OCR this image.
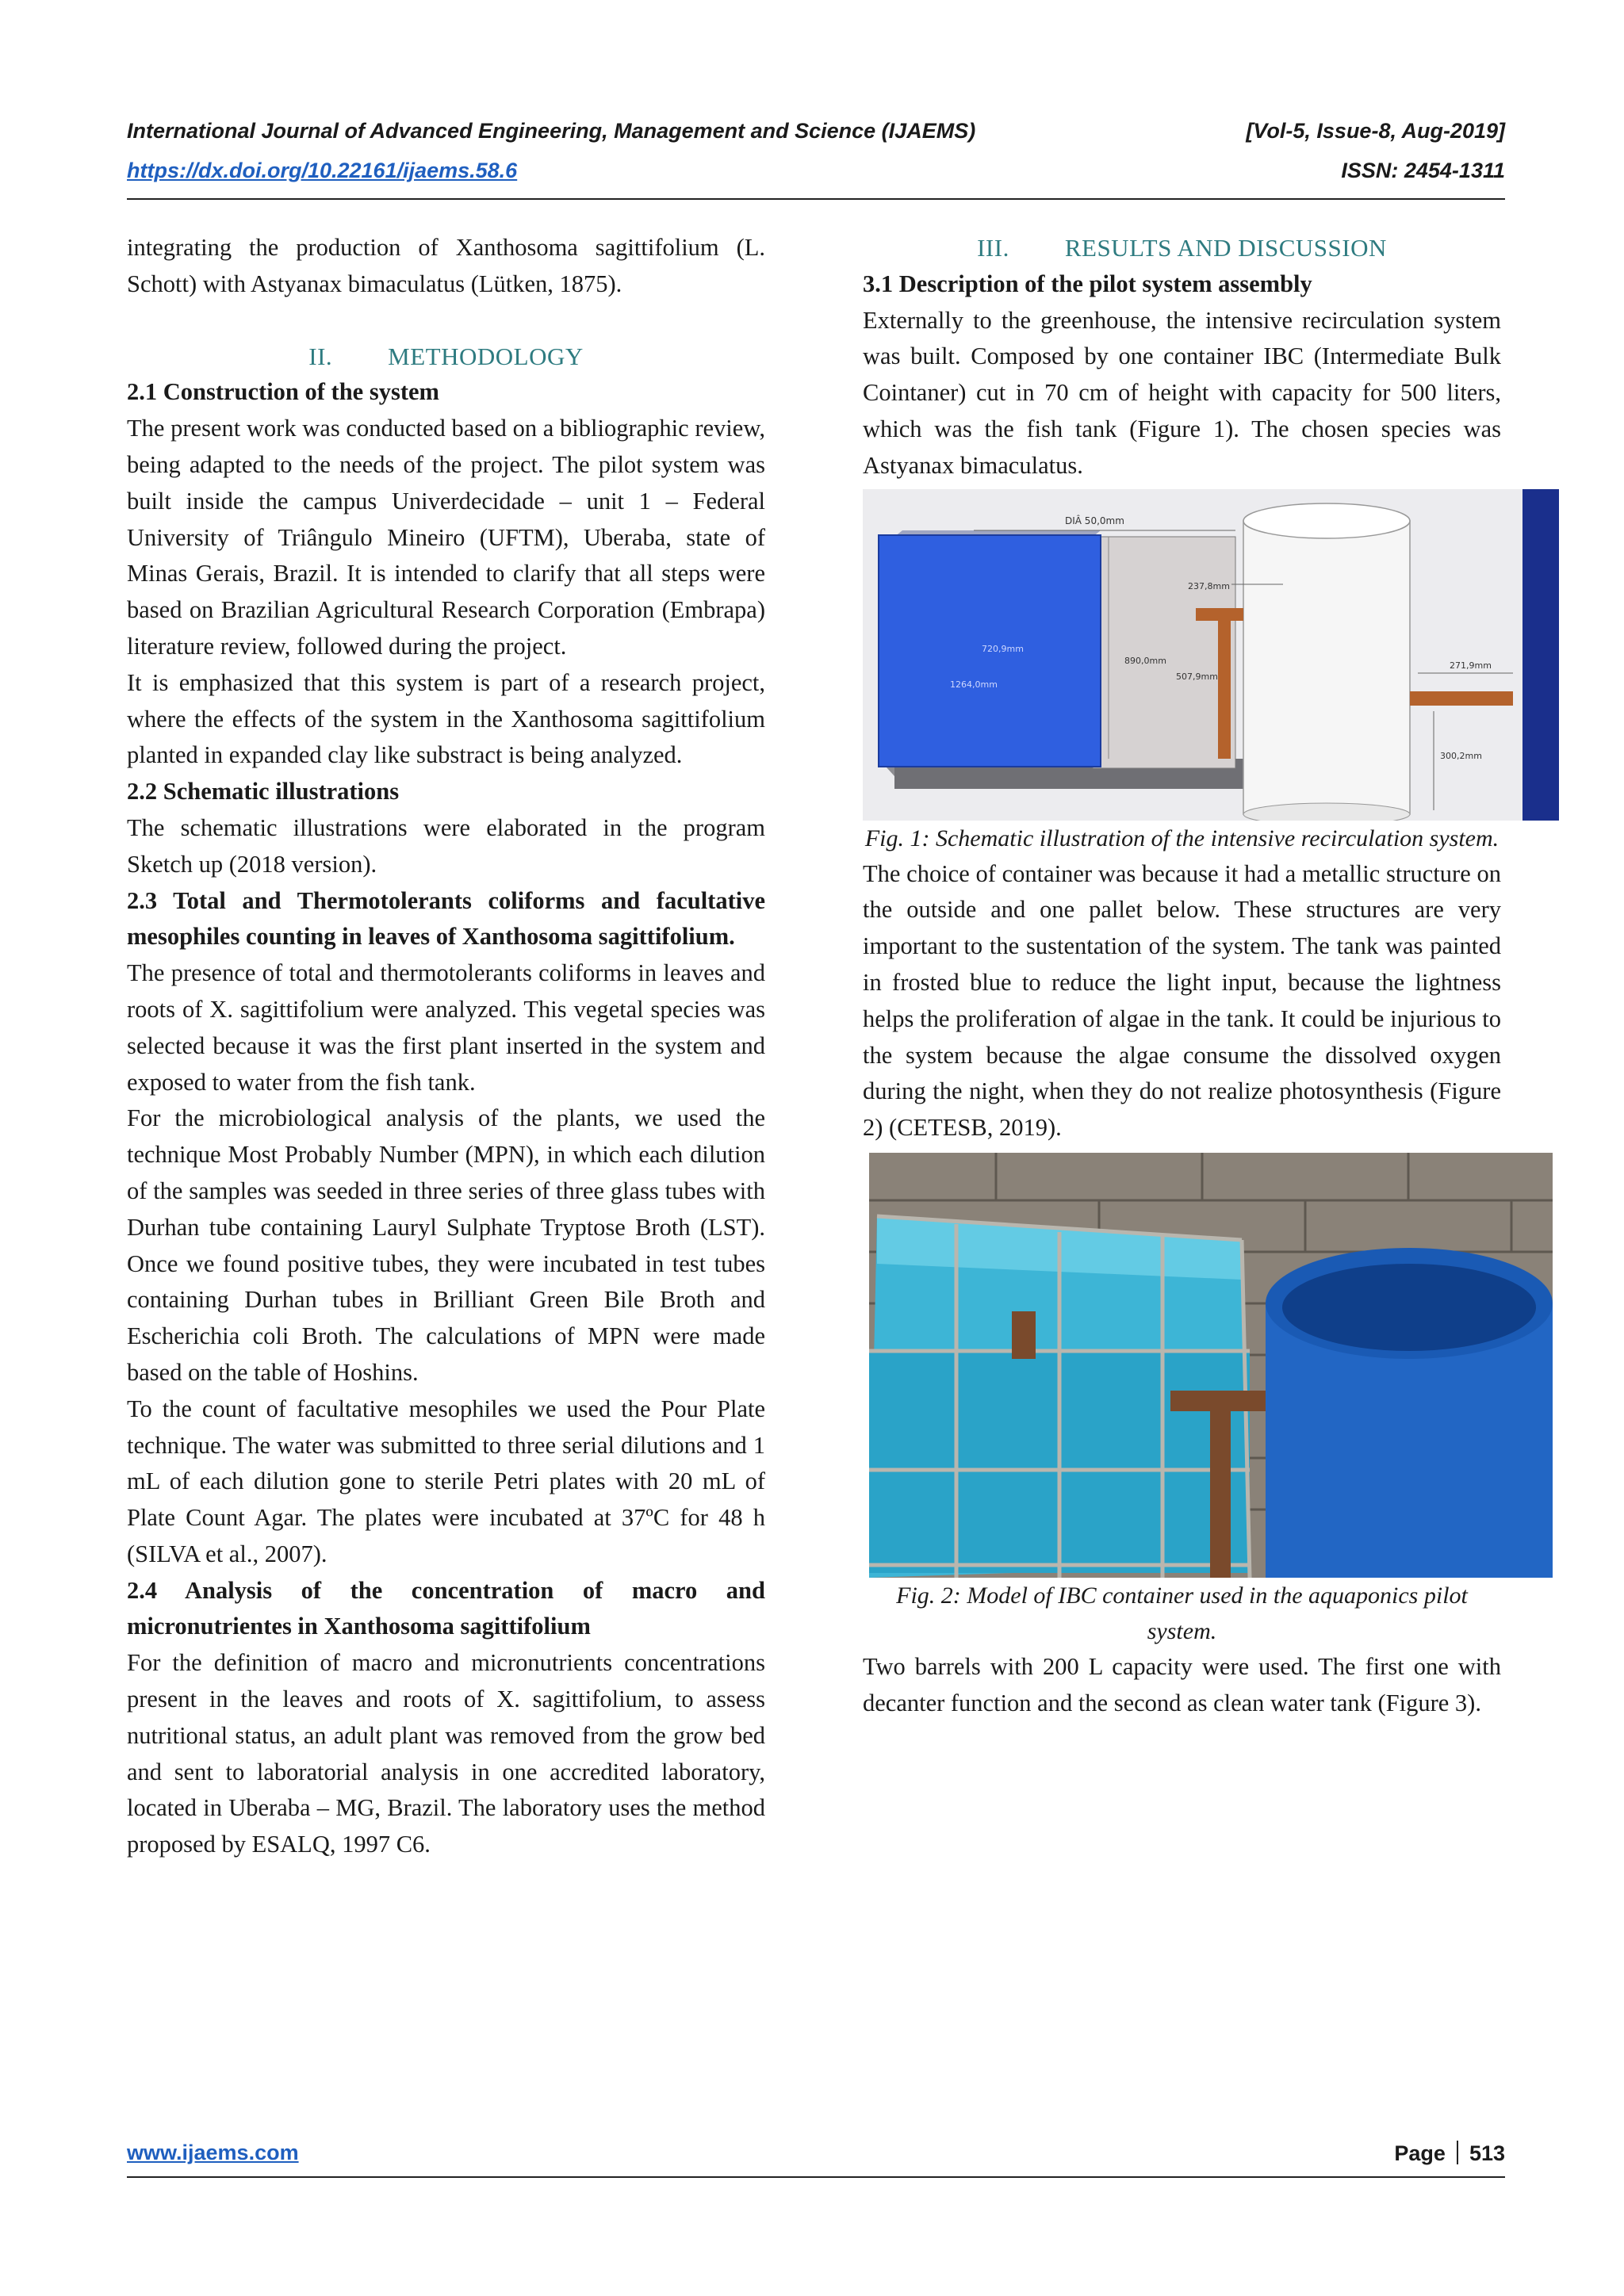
International Journal of Advanced Engineering, Management and Science (IJAEMS)	[Vol-5, Issue-8, Aug-2019]
https://dx.doi.org/10.22161/ijaems.58.6	ISSN: 2454-1311

integrating the production of Xanthosoma sagittifolium (L. Schott) with Astyanax bimaculatus (Lütken, 1875).

II. METHODOLOGY

2.1 Construction of the system

The present work was conducted based on a bibliographic review, being adapted to the needs of the project. The pilot system was built inside the campus Univerdecidade – unit 1 – Federal University of Triângulo Mineiro (UFTM), Uberaba, state of Minas Gerais, Brazil. It is intended to clarify that all steps were based on Brazilian Agricultural Research Corporation (Embrapa) literature review, followed during the project.

It is emphasized that this system is part of a research project, where the effects of the system in the Xanthosoma sagittifolium planted in expanded clay like substract is being analyzed.

2.2 Schematic illustrations

The schematic illustrations were elaborated in the program Sketch up (2018 version).

2.3 Total and Thermotolerants coliforms and facultative mesophiles counting in leaves of Xanthosoma sagittifolium.

The presence of total and thermotolerants coliforms in leaves and roots of X. sagittifolium were analyzed. This vegetal species was selected because it was the first plant inserted in the system and exposed to water from the fish tank.

For the microbiological analysis of the plants, we used the technique Most Probably Number (MPN), in which each dilution of the samples was seeded in three series of three glass tubes with Durhan tube containing Lauryl Sulphate Tryptose Broth (LST). Once we found positive tubes, they were incubated in test tubes containing Durhan tubes in Brilliant Green Bile Broth and Escherichia coli Broth. The calculations of MPN were made based on the table of Hoshins.

To the count of facultative mesophiles we used the Pour Plate technique. The water was submitted to three serial dilutions and 1 mL of each dilution gone to sterile Petri plates with 20 mL of Plate Count Agar. The plates were incubated at 37ºC for 48 h (SILVA et al., 2007).

2.4 Analysis of the concentration of macro and micronutrientes in Xanthosoma sagittifolium

For the definition of macro and micronutrients concentrations present in the leaves and roots of X. sagittifolium, to assess nutritional status, an adult plant was removed from the grow bed and sent to laboratorial analysis in one accredited laboratory, located in Uberaba – MG, Brazil. The laboratory uses the method proposed by ESALQ, 1997 C6.

III. RESULTS AND DISCUSSION

3.1 Description of the pilot system assembly

Externally to the greenhouse, the intensive recirculation system was built. Composed by one container IBC (Intermediate Bulk Cointaner) cut in 70 cm of height with capacity for 500 liters, which was the fish tank (Figure 1). The chosen species was Astyanax bimaculatus.

DIÂ 50,0mm
237,8mm
720,9mm
1264,0mm
890,0mm
507,9mm
271,9mm
300,2mm

Fig. 1: Schematic illustration of the intensive recirculation system.

The choice of container was because it had a metallic structure on the outside and one pallet below. These structures are very important to the sustentation of the system. The tank was painted in frosted blue to reduce the light input, because the lightness helps the proliferation of algae in the tank. It could be injurious to the system because the algae consume the dissolved oxygen during the night, when they do not realize photosynthesis (Figure 2) (CETESB, 2019).

Fig. 2: Model of IBC container used in the aquaponics pilot system.

Two barrels with 200 L capacity were used. The first one with decanter function and the second as clean water tank (Figure 3).

www.ijaems.com	Page 513
